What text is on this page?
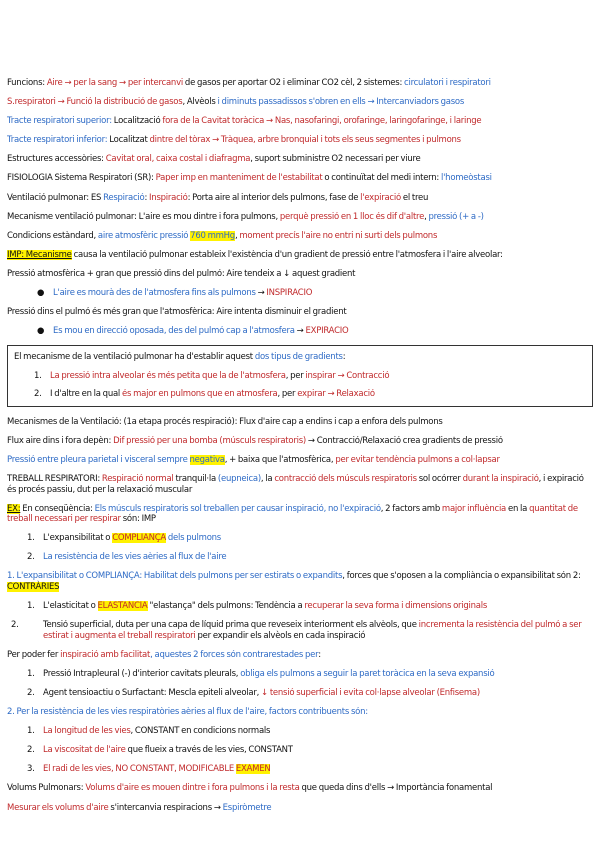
Funcions: Aire → per la sang → per intercanvi de gasos per aportar O2 i eliminar CO2 cèl, 2 sistemes: circulatori i respiratori
S.respiratori → Funció la distribució de gasos, Alvèols i diminuts passadissos s'obren en ells → Intercanviadors gasos
Tracte respiratori superior: Localització fora de la Cavitat toràcica → Nas, nasofaringi, orofaringe, laringofaringe, i laringe
Tracte respiratori inferior: Localitzat dintre del tòrax → Tràquea, arbre bronquial i tots els seus segmentes i pulmons
Estructures accessòries: Cavitat oral, caixa costal i diafragma, suport subministre O2 necessari per viure
FISIOLOGIA Sistema Respiratori (SR): Paper imp en manteniment de l'estabilitat o continuïtat del medi intern: l'homeòstasi
Ventilació pulmonar: ÉS Respiració: Inspiració: Porta aire al interior dels pulmons, fase de l'expiració el treu
Mecanisme ventilació pulmonar: L'aire es mou dintre i fora pulmons, perquè pressió en 1 lloc és dif d'altre, pressió (+ a -)
Condicions estàndard, aire atmosfèric pressió 760 mmHg, moment precís l'aire no entri ni surti dels pulmons
IMP: Mecanisme causa la ventilació pulmonar estableix l'existència d'un gradient de pressió entre l'atmosfera i l'aire alveolar:
Pressió atmosfèrica + gran que pressió dins del pulmó: Aire tendeix a ↓ aquest gradient
● L'aire es mourà des de l'atmosfera fins als pulmons → INSPIRACIÓ
Pressió dins el pulmó és més gran que l'atmosfèrica: Aire intenta disminuir el gradient
● Es mou en direcció oposada, des del pulmó cap a l'atmosfera → EXPIRACIÓ
El mecanisme de la ventilació pulmonar ha d'establir aquest dos tipus de gradients:
1. La pressió intra alveolar és més petita que la de l'atmosfera, per inspirar → Contracció
2. I d'altre en la qual és major en pulmons que en atmosfera, per expirar → Relaxació
Mecanismes de la Ventilació: (1a etapa procés respiració): Flux d'aire cap a endins i cap a enfora dels pulmons
Flux aire dins i fora depèn: Dif pressió per una bomba (músculs respiratoris) → Contracció/Relaxació crea gradients de pressió
Pressió entre pleura parietal i visceral sempre negativa, + baixa que l'atmosfèrica, per evitar tendència pulmons a col·lapsar
TREBALL RESPIRATORI: Respiració normal tranquil·la (eupneica), la contracció dels músculs respiratoris sol ocórrer durant la inspiració, i expiració és procés passiu, dut per la relaxació muscular
EX: En conseqüència: Els músculs respiratoris sol treballen per causar inspiració, no l'expiració, 2 factors amb major influència en la quantitat de treball necessari per respirar són: IMP
1. L'expansibilitat o COMPLIANÇA dels pulmons
2. La resistència de les vies aèries al flux de l'aire
1. L'expansibilitat o COMPLIANÇA: Habilitat dels pulmons per ser estirats o expandits, forces que s'oposen a la complià​ncia o expansibilitat són 2: CONTRÀRIES
1. L'elasticitat o ELASTÀNCIA "elastança" dels pulmons: Tendència a recuperar la seva forma i dimensions originals
2.	Tensió superficial, duta per una capa de líquid prima que reveseix interiorment els alvèols, que incrementa la resistència del pulmó a ser estirat i augmenta el treball respiratori per expandir els alvèols en cada inspiració
Per poder fer inspiració amb facilitat, aquestes 2 forces són contrarestades per:
1. Pressió Intrapleural (-) d'interior cavitats pleurals, obliga els pulmons a seguir la paret toràcica en la seva expansió
2. Agent tensioactiu o Surfactant: Mescla epiteli alveolar, ↓ tensió superficial i evita col·lapse alveolar (Enfisema)
2. Per la resistència de les vies respiratòries aèries al flux de l'aire, factors contribuents són:
1. La longitud de les vies, CONSTANT en condicions normals
2. La viscositat de l'aire que flueix a través de les vies, CONSTANT
3. El radi de les vies, NO CONSTANT, MODIFICABLE EXAMEN
Volums Pulmonars: Volums d'aire es mouen dintre i fora pulmons i la resta que queda dins d'ells → Importància fonamental
Mesurar els volums d'aire s'intercanvia respiracions → Espiròmetre
